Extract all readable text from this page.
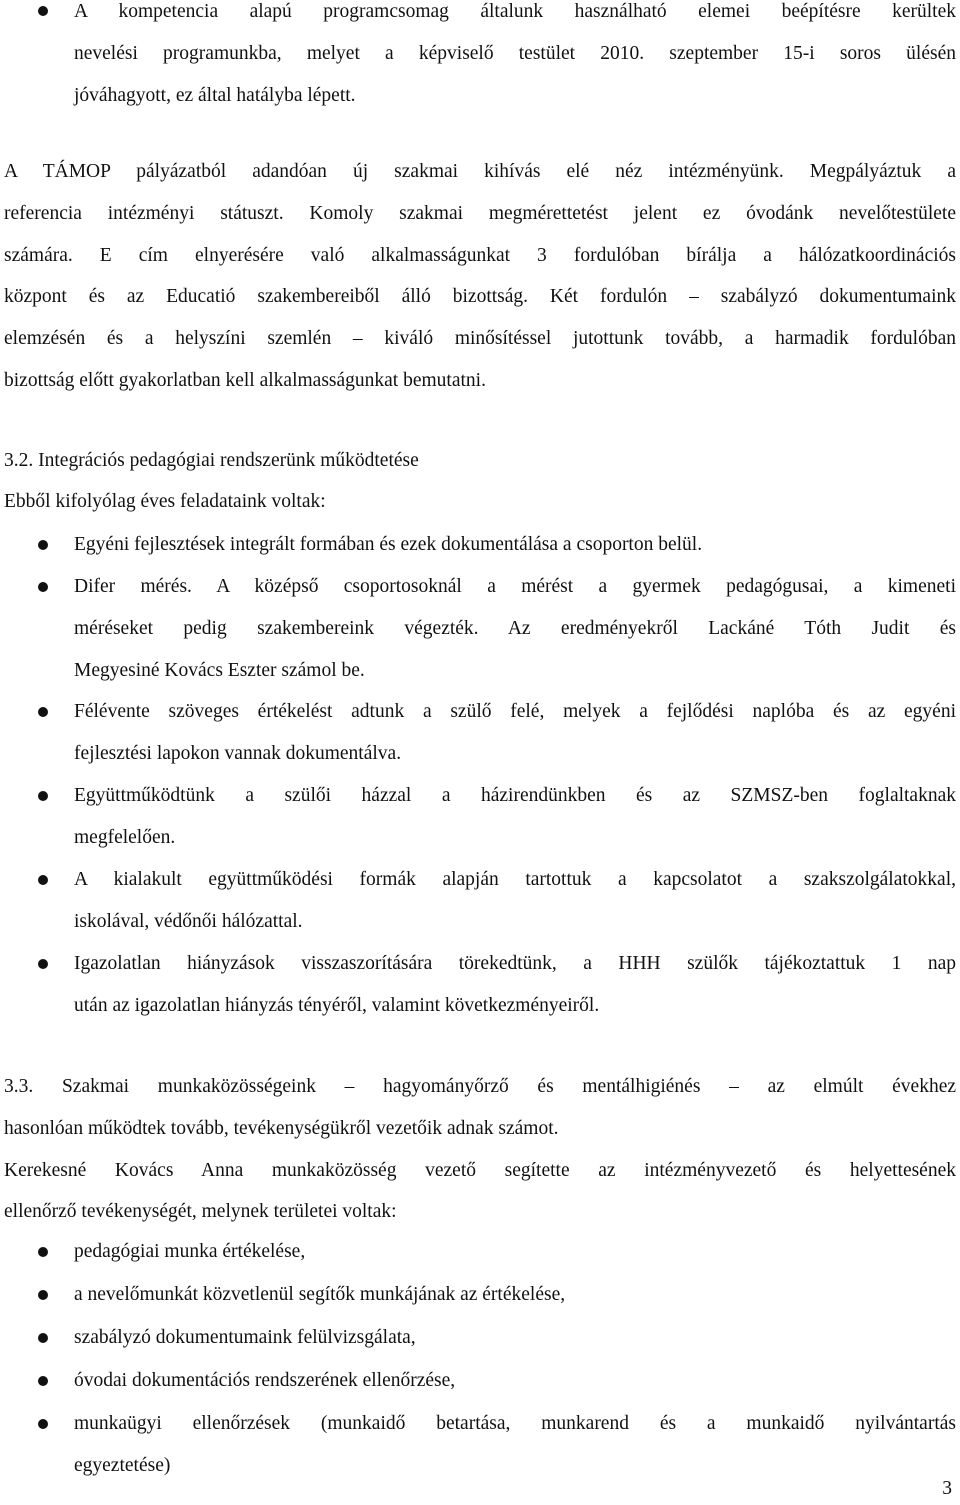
A kompetencia alapú programcsomag általunk használható elemei beépítésre kerültek
nevelési programunkba, melyet a képviselő testület 2010. szeptember 15-i soros ülésén
jóváhagyott, ez által hatályba lépett.
A TÁMOP pályázatból adandóan új szakmai kihívás elé néz intézményünk. Megpályáztuk a
referencia intézményi státuszt. Komoly szakmai megmérettetést jelent ez óvodánk nevelőtestülete
számára. E cím elnyerésére való alkalmasságunkat 3 fordulóban bírálja a hálózatkoordinációs
központ és az Educatió szakembereiből álló bizottság. Két fordulón – szabályzó dokumentumaink
elemzésén és a helyszíni szemlén – kiváló minősítéssel jutottunk tovább, a harmadik fordulóban
bizottság előtt gyakorlatban kell alkalmasságunkat bemutatni.
3.2. Integrációs pedagógiai rendszerünk működtetése
Ebből kifolyólag éves feladataink voltak:
Egyéni fejlesztések integrált formában és ezek dokumentálása a csoporton belül.
Difer mérés. A középső csoportosoknál a mérést a gyermek pedagógusai, a kimeneti
méréseket pedig szakembereink végezték. Az eredményekről Lackáné Tóth Judit és
Megyesiné Kovács Eszter számol be.
Félévente szöveges értékelést adtunk a szülő felé, melyek a fejlődési naplóba és az egyéni
fejlesztési lapokon vannak dokumentálva.
Együttműködtünk a szülői házzal a házirendünkben és az SZMSZ-ben foglaltaknak
megfelelően.
A kialakult együttműködési formák alapján tartottuk a kapcsolatot a szakszolgálatokkal,
iskolával, védőnői hálózattal.
Igazolatlan hiányzások visszaszorítására törekedtünk, a HHH szülők tájékoztattuk 1 nap
után az igazolatlan hiányzás tényéről, valamint következményeiről.
3.3. Szakmai munkaközösségeink – hagyományőrző és mentálhigiénés – az elmúlt évekhez
hasonlóan működtek tovább, tevékenységükről vezetőik adnak számot.
Kerekesné Kovács Anna munkaközösség vezető segítette az intézményvezető és helyettesének
ellenőrző tevékenységét, melynek területei voltak:
pedagógiai munka értékelése,
a nevelőmunkát közvetlenül segítők munkájának az értékelése,
szabályzó dokumentumaink felülvizsgálata,
óvodai dokumentációs rendszerének ellenőrzése,
munkaügyi ellenőrzések (munkaidő betartása, munkarend és a munkaidő nyilvántartás
egyeztetése)
3
